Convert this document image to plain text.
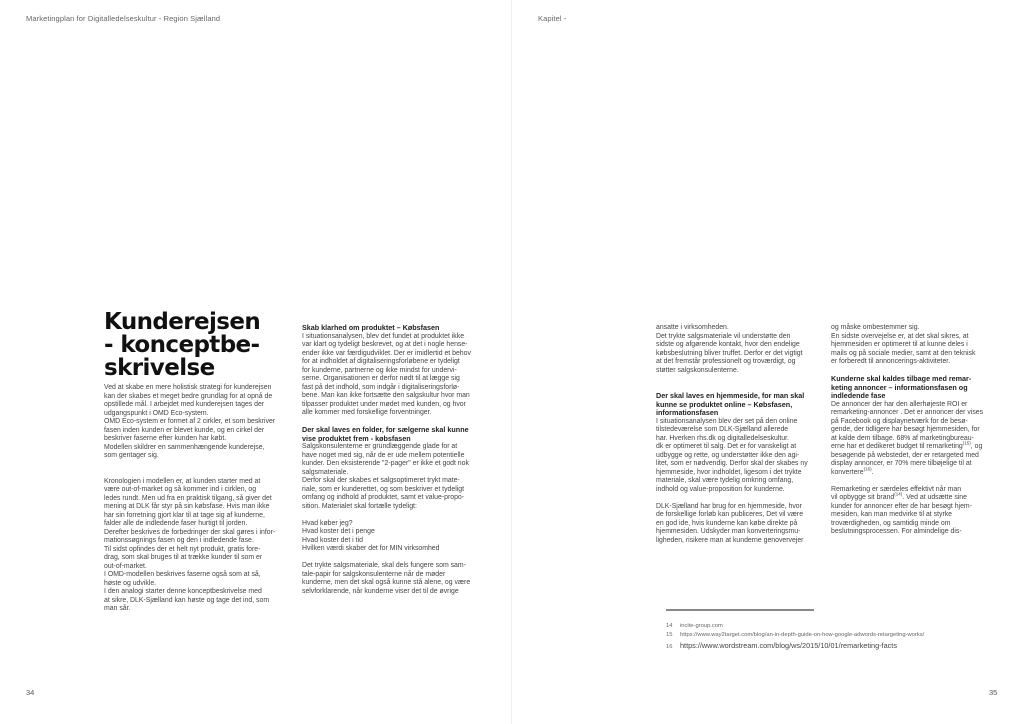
Marketingplan for Digitalledelseskultur - Region Sjælland	Kapitel -
Kunderejsen
- konceptbe-
skrivelse

Ved at skabe en mere holistisk strategi for kunderejsen
kan der skabes et meget bedre grundlag for at opnå de
opstillede mål. I arbejdet med kunderejsen tages der
udgangspunkt i OMD Eco-system.

OMD Eco-system er formet af 2 cirkler, et som beskriver
fasen inden kunden er blevet kunde, og en cirkel der
beskriver faserne efter kunden har købt.

Modellen skildrer en sammenhængende kunderejse,
som gentager sig.

Kronologien i modellen er, at kunden starter med at
være out-of-market og så kommer ind i cirklen, og
ledes rundt. Men ud fra en praktisk tilgang, så giver det
mening at DLK får styr på sin købsfase. Hvis man ikke
har sin forretning gjort klar til at tage sig af kunderne,
falder alle de indledende faser hurtigt til jorden.

Derefter beskrives de forbedringer der skal gøres i infor-
mationssøgnings fasen og den i indledende fase.

Til sidst opfindes der et helt nyt produkt, gratis fore-
drag, som skal bruges til at trække kunder til som er
out-of-market.

I OMD-modellen beskrives faserne også som at så,
høste og udvikle.

I den analogi starter denne konceptbeskrivelse med
at sikre, DLK-Sjælland kan høste og tage det ind, som
man sår.

Skab klarhed om produktet – Købsfasen

I situationsanalysen, blev det fundet at produktet ikke
var klart og tydeligt beskrevet, og at det i nogle hense-
ender ikke var færdigudviklet. Der er imidlertid et behov
for at indholdet af digitaliseringsforløbene er tydeligt
for kunderne, partnerne og ikke mindst for undervi-
serne. Organisationen er derfor nødt til at lægge sig
fast på det indhold, som indgår i digitaliseringsforlø-
bene. Man kan ikke fortsætte den salgskultur hvor man
tilpasser produktet under mødet med kunden, og hvor
alle kommer med forskellige forventninger.

Der skal laves en folder, for sælgerne skal kunne
vise produktet frem - købsfasen

Salgskonsulenterne er grundlæggende glade for at
have noget med sig, når de er ude mellem potentielle
kunder. Den eksisterende "2-pager" er ikke et godt nok
salgsmateriale.

Derfor skal der skabes et salgsoptimeret trykt mate-
riale, som er kunderettet, og som beskriver et tydeligt
omfang og indhold af produktet, samt et value-propo-
sition. Materialet skal fortælle tydeligt:

Hvad køber jeg?

Hvad koster det i penge

Hvad koster det i tid

Hvilken værdi skaber det for MIN virksomhed

Det trykte salgsmateriale, skal dels fungere som sam-
tale-papir for salgskonsulenterne når de møder
kunderne, men det skal også kunne stå alene, og være
selvforklarende, når kunderne viser det til de øvrige

ansatte i virksomheden.

Det trykte salgsmateriale vil understøtte den
sidste og afgørende kontakt, hvor den endelige
købsbeslutning bliver truffet. Derfor er det vigtigt
at det fremstår professionelt og troværdigt, og
støtter salgskonsulenterne.

Der skal laves en hjemmeside, for man skal
kunne se produktet online – Købsfasen,
informationsfasen

I situationsanalysen blev der set på den online
tilstedeværelse som DLK-Sjælland allerede
har. Hverken rhs.dk og digitalledelseskultur.
dk er optimeret til salg. Det er for vanskeligt at
udbygge og rette, og understøtter ikke den agi-
litet, som er nødvendig. Derfor skal der skabes ny
hjemmeside, hvor indholdet, ligesom i det trykte
materiale, skal være tydelig omkring omfang,
indhold og value-proposition for kunderne.

DLK-Sjælland har brug for en hjemmeside, hvor
de forskellige forløb kan publiceres, Det vil være
en god ide, hvis kunderne kan købe direkte på
hjemmesiden. Udskyder man konverteringsmu-
ligheden, risikere man at kunderne genovervejer

og måske ombestemmer sig.

En sidste overvejelse er, at det skal sikres, at
hjemmesiden er optimeret til at kunne deles i
mails og på sociale medier, samt at den teknisk
er forberedt til annoncerings-aktiviteter.

Kunderne skal kaldes tilbage med remar-
keting annoncer – informationsfasen og
indledende fase

De annoncer der har den allerhøjeste ROI er
remarketing-annoncer . Det er annoncer der vises
på Facebook og displaynetværk for de besø-
gende, der tidligere har besøgt hjemmesiden, for
at kalde dem tilbage. 68% af marketingbureau-
erne har et dedikeret budget til remarketing$^{(15)}$, og
besøgende på webstedet, der er retargeted med
display annoncer, er 70% mere tilbøjelige til at
konvertere$^{(16)}$.

Remarketing er særdeles effektivt når man
vil opbygge sit brand$^{(14)}$. Ved at udsætte sine
kunder for annoncer efter de har besøgt hjem-
mesiden, kan man medvirke til at styrke
troværdigheden, og samtidig minde om
beslutningsprocessen. For almindelige dis-

14	incite-group.com
15	https://www.way2target.com/blog/an-in-depth-guide-on-how-google-adwords-retargeting-works/
16	https://www.wordstream.com/blog/ws/2015/10/01/remarketing-facts
34	35
